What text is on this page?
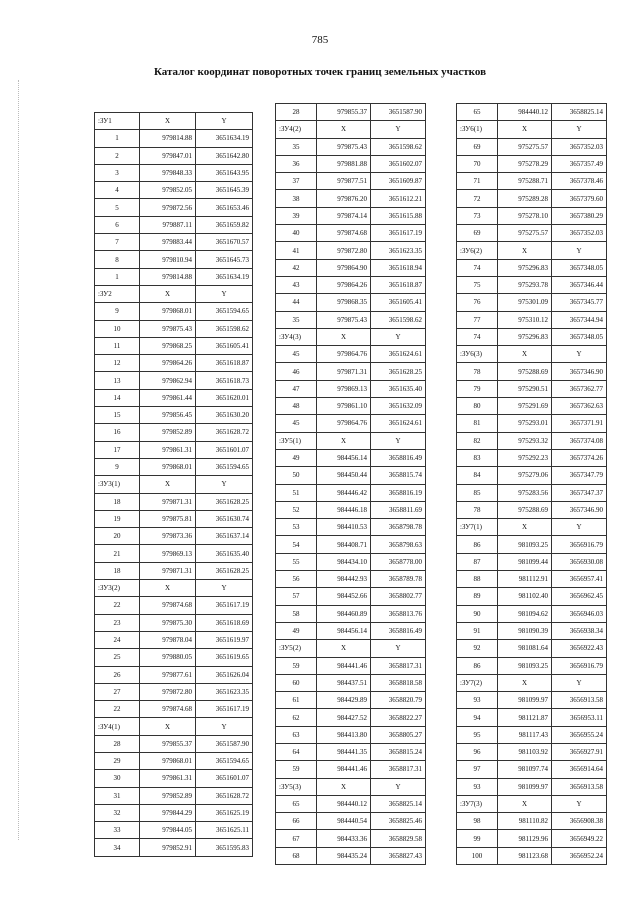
785
Каталог координат поворотных точек границ земельных участков
:ЗУ1	X	Y
1	979814.88	3651634.19
2	979847.01	3651642.80
3	979848.33	3651643.95
4	979852.05	3651645.39
5	979872.56	3651653.46
6	979887.11	3651659.82
7	979883.44	3651670.57
8	979810.94	3651645.73
1	979814.88	3651634.19
:ЗУ2	X	Y
9	979868.01	3651594.65
10	979875.43	3651598.62
11	979868.25	3651605.41
12	979864.26	3651618.87
13	979862.94	3651618.73
14	979861.44	3651620.01
15	979856.45	3651630.20
16	979852.89	3651628.72
17	979861.31	3651601.07
9	979868.01	3651594.65
:ЗУ3(1)	X	Y
18	979871.31	3651628.25
19	979875.81	3651630.74
20	979873.36	3651637.14
21	979869.13	3651635.40
18	979871.31	3651628.25
:ЗУ3(2)	X	Y
22	979874.68	3651617.19
23	979875.30	3651618.69
24	979878.04	3651619.97
25	979880.05	3651619.65
26	979877.61	3651626.04
27	979872.80	3651623.35
22	979874.68	3651617.19
:ЗУ4(1)	X	Y
28	979855.37	3651587.90
29	979868.01	3651594.65
30	979861.31	3651601.07
31	979852.89	3651628.72
32	979844.29	3651625.19
33	979844.05	3651625.11
34	979852.91	3651595.83
28	979855.37	3651587.90
:ЗУ4(2)	X	Y
35	979875.43	3651598.62
36	979881.88	3651602.07
37	979877.51	3651609.87
38	979876.20	3651612.21
39	979874.14	3651615.88
40	979874.68	3651617.19
41	979872.80	3651623.35
42	979864.90	3651618.94
43	979864.26	3651618.87
44	979868.35	3651605.41
35	979875.43	3651598.62
:ЗУ4(3)	X	Y
45	979864.76	3651624.61
46	979871.31	3651628.25
47	979869.13	3651635.40
48	979861.10	3651632.09
45	979864.76	3651624.61
:ЗУ5(1)	X	Y
49	984456.14	3658816.49
50	984450.44	3658815.74
51	984446.42	3658816.19
52	984446.18	3658811.69
53	984410.53	3658798.78
54	984408.71	3658798.63
55	984434.10	3658778.00
56	984442.93	3658789.78
57	984452.66	3658802.77
58	984460.89	3658813.76
49	984456.14	3658816.49
:ЗУ5(2)	X	Y
59	984441.46	3658817.31
60	984437.51	3658818.58
61	984429.89	3658820.79
62	984427.52	3658822.27
63	984413.80	3658805.27
64	984441.35	3658815.24
59	984441.46	3658817.31
:ЗУ5(3)	X	Y
65	984440.12	3658825.14
66	984440.54	3658825.46
67	984433.36	3658829.58
68	984435.24	3658827.43
65	984440.12	3658825.14
:ЗУ6(1)	X	Y
69	975275.57	3657352.03
70	975278.29	3657357.49
71	975288.71	3657378.46
72	975289.28	3657379.60
73	975278.10	3657380.29
69	975275.57	3657352.03
:ЗУ6(2)	X	Y
74	975296.83	3657348.05
75	975293.78	3657346.44
76	975301.09	3657345.77
77	975310.12	3657344.94
74	975296.83	3657348.05
:ЗУ6(3)	X	Y
78	975288.69	3657346.90
79	975290.51	3657362.77
80	975291.69	3657362.63
81	975293.01	3657371.91
82	975293.32	3657374.08
83	975292.23	3657374.26
84	975279.06	3657347.79
85	975283.56	3657347.37
78	975288.69	3657346.90
:ЗУ7(1)	X	Y
86	981093.25	3656916.79
87	981099.44	3656930.08
88	981112.91	3656957.41
89	981102.40	3656962.45
90	981094.62	3656946.03
91	981090.39	3656938.34
92	981081.64	3656922.43
86	981093.25	3656916.79
:ЗУ7(2)	X	Y
93	981099.97	3656913.58
94	981121.87	3656953.11
95	981117.43	3656955.24
96	981103.92	3656927.91
97	981097.74	3656914.64
93	981099.97	3656913.58
:ЗУ7(3)	X	Y
98	981110.82	3656908.38
99	981129.96	3656949.22
100	981123.68	3656952.24
